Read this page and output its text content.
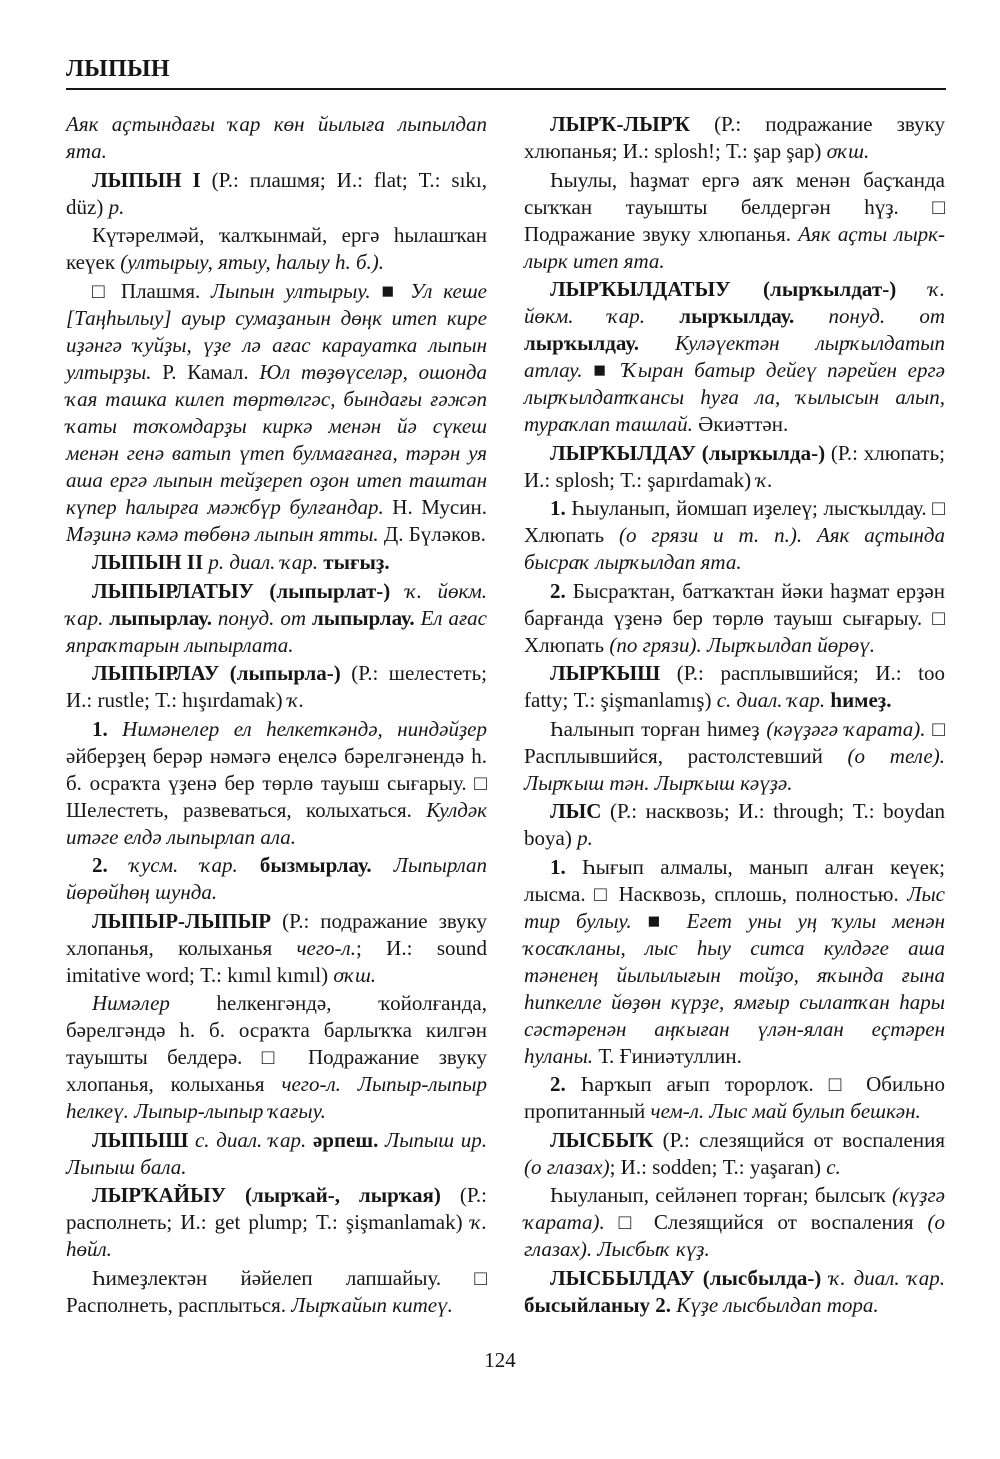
ЛЫПЫН

Аяк аҫтындағы ҡар көн йылыға лыпылдап ята.

ЛЫПЫН I (Р.: плашмя; И.: flat; Т.: sıkı, düz) р.

Күтәрелмәй, ҡалҡынмай, ергә һылашҡан кеүек (ултырыу, ятыу, һалыу һ. б.).

□ Плашмя. Лыпын ултырыу. ■ Ул кеше [Таңһылыу] ауыр сумаҙанын дөңк итеп кире иҙәнгә ҡуйҙы, үҙе лә ағас карауатка лыпын ултырҙы. Р. Камал. Юл төҙөүселәр, ошонда ҡая ташка килеп төртөлгәс, бындағы ғәжәп ҡаты тоҡомдарҙы киркә менән йә сүкеш менән генә ватып үтеп булмағанға, тәрән уя аша ергә лыпын тейҙереп оҙон итеп таштан күпер һалырға мәжбүр булғандар. Н. Мусин. Мәҙинә кәмә төбөнә лыпын ятты. Д. Бүләков.

ЛЫПЫН II р. диал. ҡар. тығыҙ.

ЛЫПЫРЛАТЫУ (лыпырлат-) ҡ. йөкм. ҡар. лыпырлау. понуд. от лыпырлау. Ел ағас япраҡтарын лыпырлата.

ЛЫПЫРЛАУ (лыпырла-) (Р.: шелестеть; И.: rustle; Т.: hışırdamak) ҡ.

1. Нимәнелер ел һелкеткәндә, ниндәйҙер әйберҙең берәр нәмәгә еңелсә бәрелгәнендә һ. б. осраҡта үҙенә бер төрлө тауыш сығарыу. □ Шелестеть, развеваться, колыхаться. Кулдәк итәге елдә лыпырлап ала.

2. ҡусм. ҡар. бызмырлау. Лыпырлап йөрөйһөң шунда.

ЛЫПЫР-ЛЫПЫР (Р.: подражание звуку хлопанья, колыханья чего-л.; И.: sound imitative word; Т.: kımıl kımıl) оҡш.

Нимәлер һелкенгәндә, ҡойолғанда, бәрелгәндә һ. б. осраҡта барлыҡҡа килгән тауышты белдерә. □ Подражание звуку хлопанья, колыханья чего-л. Лыпыр-лыпыр һелкеү. Лыпыр-лыпыр ҡағыу.

ЛЫПЫШ с. диал. ҡар. әрпеш. Лыпыш ир. Лыпыш бала.

ЛЫРҠАЙЫУ (лырҡай-, лырҡая) (Р.: располнеть; И.: get plump; Т.: şişmanlamak) ҡ. һөйл.

Һимеҙлектән йәйелеп лапшайыу. □ Располнеть, расплыться. Лырҡайып китеү.

ЛЫРҠ-ЛЫРҠ (Р.: подражание звуку хлюпанья; И.: splosh!; Т.: şap şap) оҡш.

Һыулы, һаҙмат ергә аяҡ менән баҫҡанда сыҡҡан тауышты белдергән һүҙ. □ Подражание звуку хлюпанья. Аяк аҫты лырк-лырк итеп ята.

ЛЫРҠЫЛДАТЫУ (лырҡылдат-) ҡ. йөкм. ҡар. лырҡылдау. понуд. от лырҡылдау. Куләүектән лырҡылдатып атлау. ■ Ҡыран батыр дейеү пәрейен ергә лырҡылдатҡансы һуға ла, ҡылысын алып, тураҡлап ташлай. Әкиәттән.

ЛЫРҠЫЛДАУ (лырҡылда-) (Р.: хлюпать; И.: splosh; Т.: şapırdamak) ҡ.

1. Һыуланып, йомшап иҙелеү; лысҡылдау. □ Хлюпать (о грязи и т. п.). Аяк аҫтында бысраҡ лырҡылдап ята.

2. Бысраҡтан, батҡаҡтан йәки һаҙмат ерҙән барғанда үҙенә бер төрлө тауыш сығарыу. □ Хлюпать (по грязи). Лырҡылдап йөрөү.

ЛЫРҠЫШ (Р.: расплывшийся; И.: too fatty; Т.: şişmanlamış) с. диал. ҡар. һимеҙ.

Һалынып торған һимеҙ (кәүҙәгә ҡарата). □ Расплывшийся, растолстевший (о теле). Лырҡыш тән. Лырҡыш кәүҙә.

ЛЫС (Р.: насквозь; И.: through; Т.: boydan boya) р.

1. Һығып алмалы, манып алған кеүек; лысма. □ Насквозь, сплошь, полностью. Лыс тир булыу. ■ Егет уны уң ҡулы менән ҡосаҡланы, лыс һыу ситса кулдәге аша тәненең йылылығын тойҙо, яҡында ғына һипкелле йөҙөн күрҙе, ямғыр сылатҡан һары сәстәренән аңҡыған үлән-ялан еҫтәрен һуланы. Т. Ғиниәтуллин.

2. Һарҡып ағып торорлоҡ. □ Обильно пропитанный чем-л. Лыс май булып бешкән.

ЛЫСБЫҠ (Р.: слезящийся от воспаления (о глазах); И.: sodden; Т.: yaşaran) с.

Һыуланып, сейләнеп торған; былсыҡ (күҙгә ҡарата). □ Слезящийся от воспаления (о глазах). Лысбыҡ күҙ.

ЛЫСБЫЛДАУ (лысбылда-) ҡ. диал. ҡар. бысыйланыу 2. Күҙе лысбылдап тора.

124
